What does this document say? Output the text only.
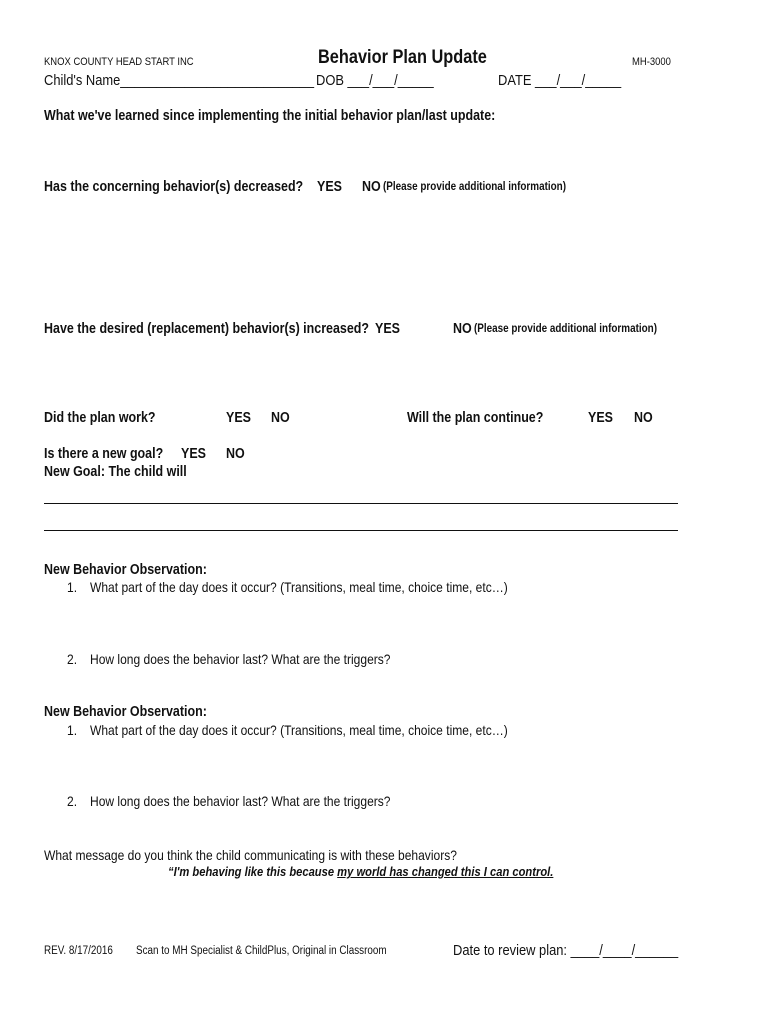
KNOX COUNTY HEAD START INC	Behavior Plan Update	MH-3000
Child's Name___________________________ DOB ___/___/_____	DATE ___/___/_____
What we've learned since implementing the initial behavior plan/last update:
Has the concerning behavior(s) decreased? YES NO (Please provide additional information)
Have the desired (replacement) behavior(s) increased? YES	NO (Please provide additional information)
Did the plan work?	YES NO	Will the plan continue?	YES NO
Is there a new goal?	YES NO
New Goal: The child will
New Behavior Observation:
1. What part of the day does it occur? (Transitions, meal time, choice time, etc…)
2. How long does the behavior last? What are the triggers?
New Behavior Observation:
1. What part of the day does it occur? (Transitions, meal time, choice time, etc…)
2. How long does the behavior last? What are the triggers?
What message do you think the child communicating is with these behaviors?
“I'm behaving like this because my world has changed this I can control.
REV. 8/17/2016	Scan to MH Specialist & ChildPlus, Original in Classroom	Date to review plan: ____/____/______
